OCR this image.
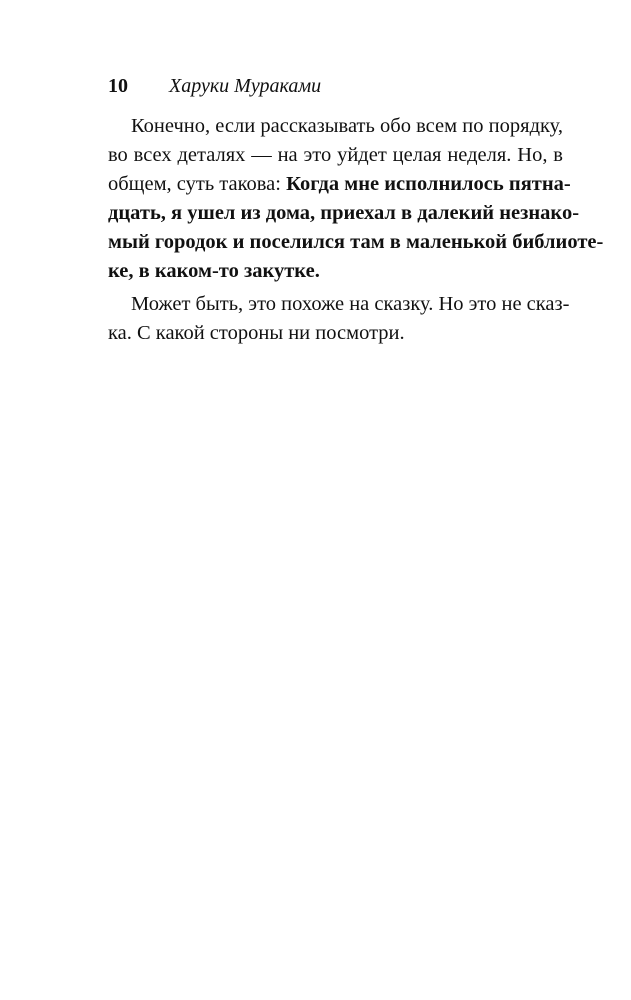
10 Харуки Мураками
Конечно, если рассказывать обо всем по порядку,
во всех деталях — на это уйдет целая неделя. Но, в
общем, суть такова: Когда мне исполнилось пятна-
дцать, я ушел из дома, приехал в далекий незнако-
мый городок и поселился там в маленькой библиоте-
ке, в каком-то закутке.
Может быть, это похоже на сказку. Но это не сказ-
ка. С какой стороны ни посмотри.
